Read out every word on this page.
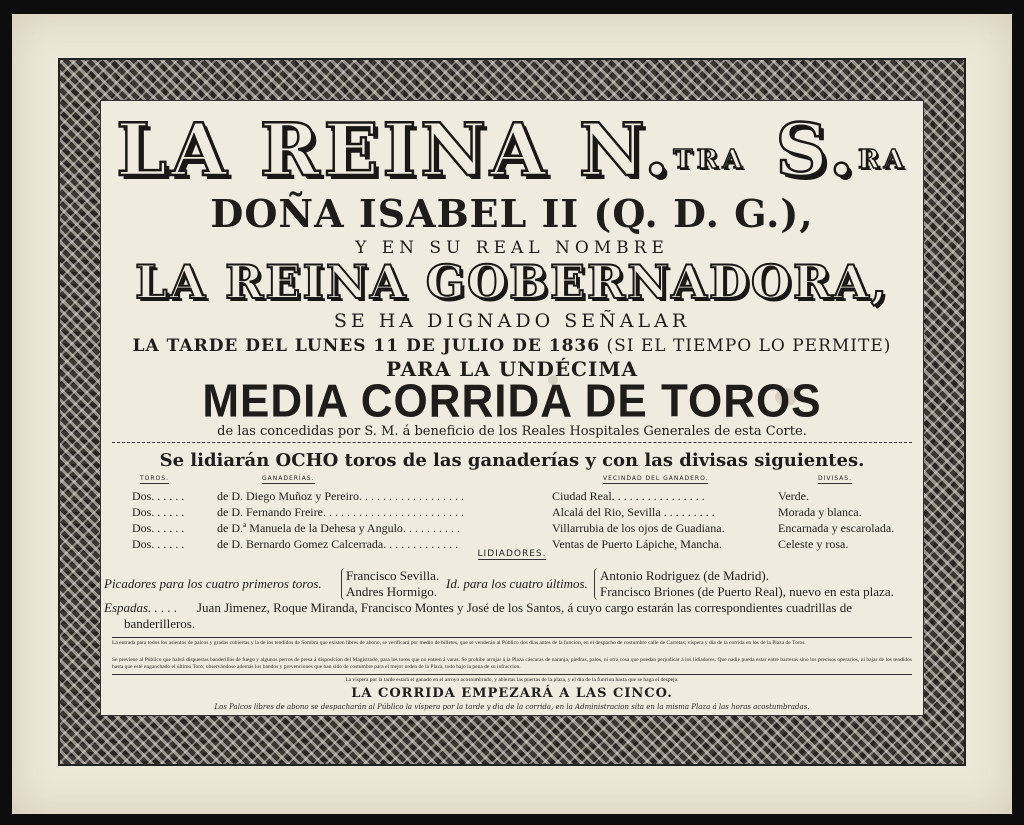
LA REINA N.$^{TRA}$ S.$^{RA}$
DOÑA ISABEL II (Q. D. G.),
Y EN SU REAL NOMBRE
LA REINA GOBERNADORA,
SE HA DIGNADO SEÑALAR
LA TARDE DEL LUNES 11 DE JULIO DE 1836 (SI EL TIEMPO LO PERMITE)
PARA LA UNDÉCIMA
MEDIA CORRIDA DE TOROS
de las concedidas por S. M. á beneficio de los Reales Hospitales Generales de esta Corte.
Se lidiarán OCHO toros de las ganaderías y con las divisas siguientes.
TOROS.	GANADERÍAS.	VECINDAD DEL GANADERO.	DIVISAS.
Dos. . . . . .	de D. Diego Muñoz y Pereiro. . . . . . . . . . . . . . . . . .	Ciudad Real. . . . . . . . . . . . . . . .	Verde.
Dos. . . . . .	de D. Fernando Freire. . . . . . . . . . . . . . . . . . . . . . . .	Alcalá del Rio, Sevilla . . . . . . . . .	Morada y blanca.
Dos. . . . . .	de D.ª Manuela de la Dehesa y Angulo. . . . . . . . . .	Villarrubia de los ojos de Guadiana.	Encarnada y escarolada.
Dos. . . . . .	de D. Bernardo Gomez Calcerrada. . . . . . . . . . . . .	Ventas de Puerto Lápiche, Mancha.	Celeste y rosa.
LIDIADORES.
Picadores para los cuatro primeros toros.
Francisco Sevilla.
Andres Hormigo.
Id. para los cuatro últimos.
Antonio Rodriguez (de Madrid).
Francisco Briones (de Puerto Real), nuevo en esta plaza.
Espadas. . . . . Juan Jimenez, Roque Miranda, Francisco Montes y José de los Santos, á cuyo cargo estarán las correspondientes cuadrillas de
banderilleros.
La entrada para todos los asientos de palcos y gradas cubiertas y la de los tendidos de Sombra que existen libres de abono, se verificará por medio de billetes, que se venderán al Público dos dias antes de la funcion, en el despacho de costumbre calle de Carretas; víspera y dia de la corrida en los de la Plaza de Toros.
Se previene al Público que habrá dispuestas banderillas de fuego y algunos perros de presa á disposicion del Magistrado, para los toros que no entren á varas. Se prohibe arrojar á la Plaza cáscaras de naranja, piedras, palos, ni otra cosa que puedan perjudicar á los lidiadores. Que nadie pueda estar entre barreras sino los precisos operarios, ni bajar de los tendidos hasta que esté enganchado el último Toro; observándose además los bandos y prevenciones que han sido de costumbre para el mejor orden de la Plaza, todo bajo la pena de su infraccion.
La víspera por la tarde estará el ganado en el arroyo acostumbrado, y abiertas las puertas de la plaza, y el dia de la funcion hasta que se haga el despejo.
LA CORRIDA EMPEZARÁ A LAS CINCO.
Los Palcos libres de abono se despacharán al Público la víspera por la tarde y dia de la corrida, en la Administracion sita en la misma Plaza á las horas acostumbradas.
